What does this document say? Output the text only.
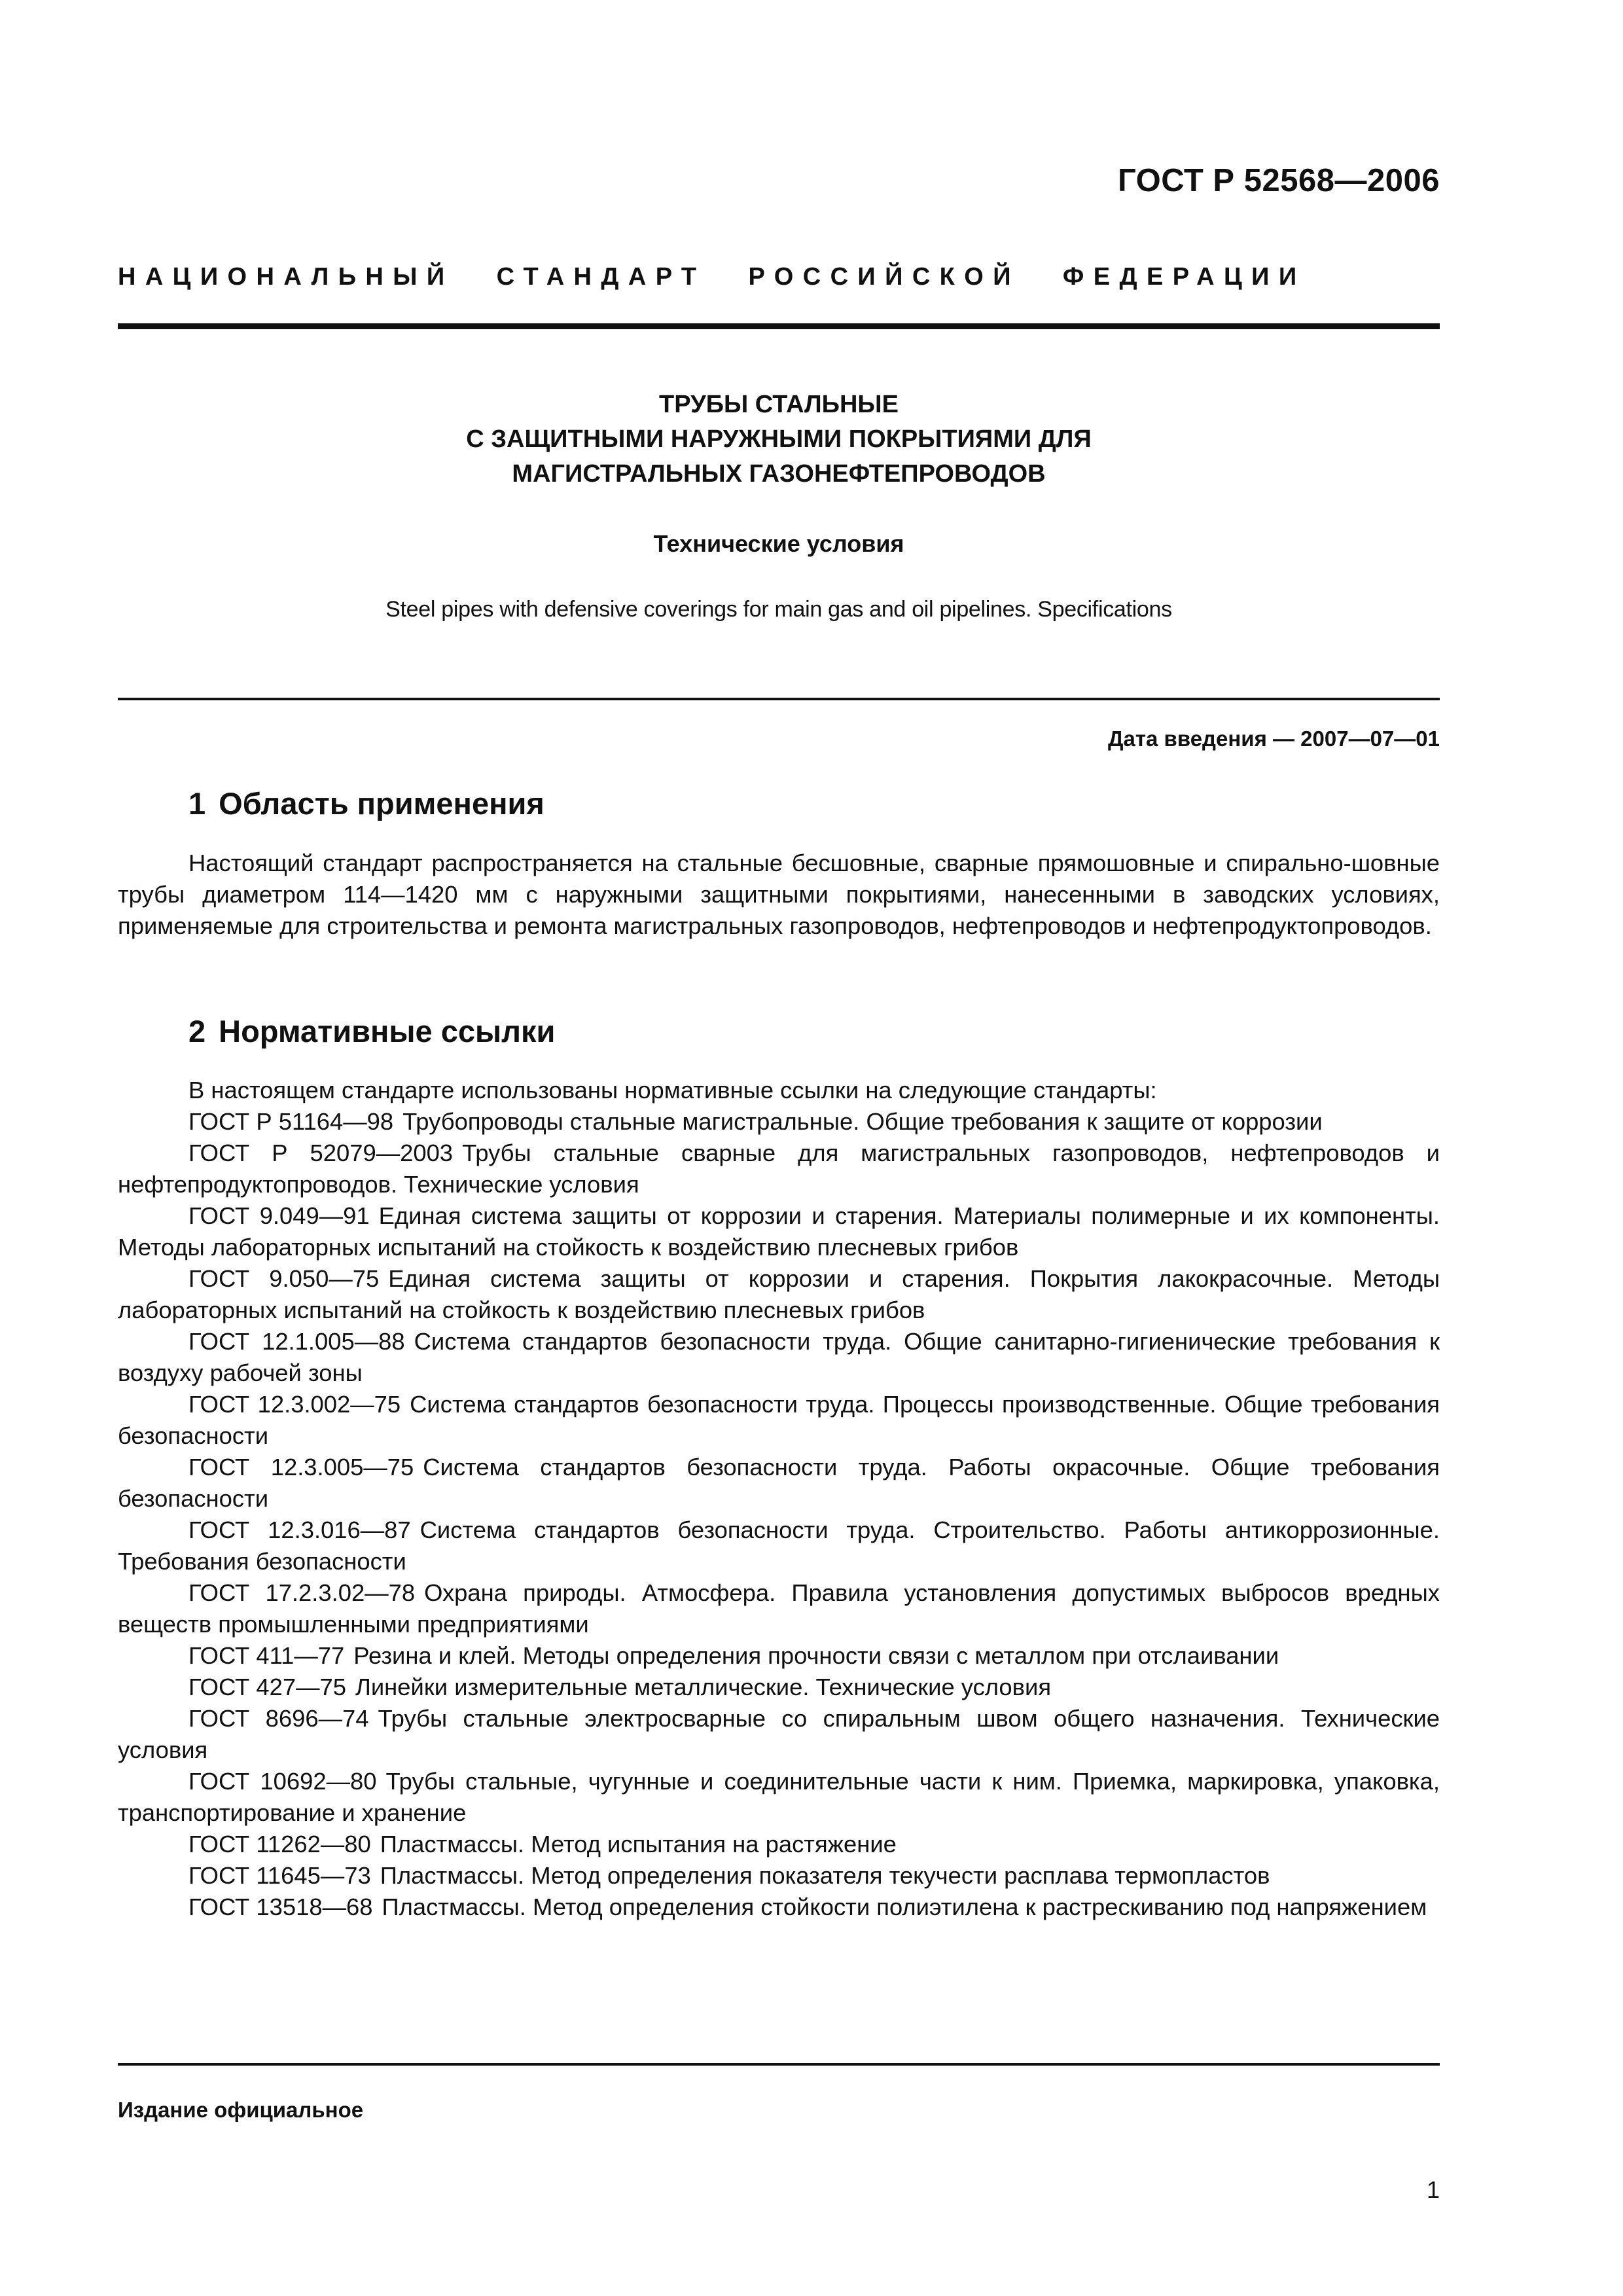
ГОСТ Р 52568—2006
НАЦИОНАЛЬНЫЙ СТАНДАРТ РОССИЙСКОЙ ФЕДЕРАЦИИ
ТРУБЫ СТАЛЬНЫЕ
С ЗАЩИТНЫМИ НАРУЖНЫМИ ПОКРЫТИЯМИ ДЛЯ
МАГИСТРАЛЬНЫХ ГАЗОНЕФТЕПРОВОДОВ
Технические условия
Steel pipes with defensive coverings for main gas and oil pipelines. Specifications
Дата введения — 2007—07—01
1 Область применения

Настоящий стандарт распространяется на стальные бесшовные, сварные прямошовные и спирально-шовные трубы диаметром 114—1420 мм с наружными защитными покрытиями, нанесенными в заводских условиях, применяемые для строительства и ремонта магистральных газопроводов, нефтепроводов и нефтепродуктопроводов.

2 Нормативные ссылки

В настоящем стандарте использованы нормативные ссылки на следующие стандарты:

ГОСТ Р 51164—98 Трубопроводы стальные магистральные. Общие требования к защите от коррозии

ГОСТ Р 52079—2003 Трубы стальные сварные для магистральных газопроводов, нефтепроводов и нефтепродуктопроводов. Технические условия

ГОСТ 9.049—91 Единая система защиты от коррозии и старения. Материалы полимерные и их компоненты. Методы лабораторных испытаний на стойкость к воздействию плесневых грибов

ГОСТ 9.050—75 Единая система защиты от коррозии и старения. Покрытия лакокрасочные. Методы лабораторных испытаний на стойкость к воздействию плесневых грибов

ГОСТ 12.1.005—88 Система стандартов безопасности труда. Общие санитарно-гигиенические требования к воздуху рабочей зоны

ГОСТ 12.3.002—75 Система стандартов безопасности труда. Процессы производственные. Общие требования безопасности

ГОСТ 12.3.005—75 Система стандартов безопасности труда. Работы окрасочные. Общие требования безопасности

ГОСТ 12.3.016—87 Система стандартов безопасности труда. Строительство. Работы антикоррозионные. Требования безопасности

ГОСТ 17.2.3.02—78 Охрана природы. Атмосфера. Правила установления допустимых выбросов вредных веществ промышленными предприятиями

ГОСТ 411—77 Резина и клей. Методы определения прочности связи с металлом при отслаивании

ГОСТ 427—75 Линейки измерительные металлические. Технические условия

ГОСТ 8696—74 Трубы стальные электросварные со спиральным швом общего назначения. Технические условия

ГОСТ 10692—80 Трубы стальные, чугунные и соединительные части к ним. Приемка, маркировка, упаковка, транспортирование и хранение

ГОСТ 11262—80 Пластмассы. Метод испытания на растяжение

ГОСТ 11645—73 Пластмассы. Метод определения показателя текучести расплава термопластов

ГОСТ 13518—68 Пластмассы. Метод определения стойкости полиэтилена к растрескиванию под напряжением

Издание официальное
1
